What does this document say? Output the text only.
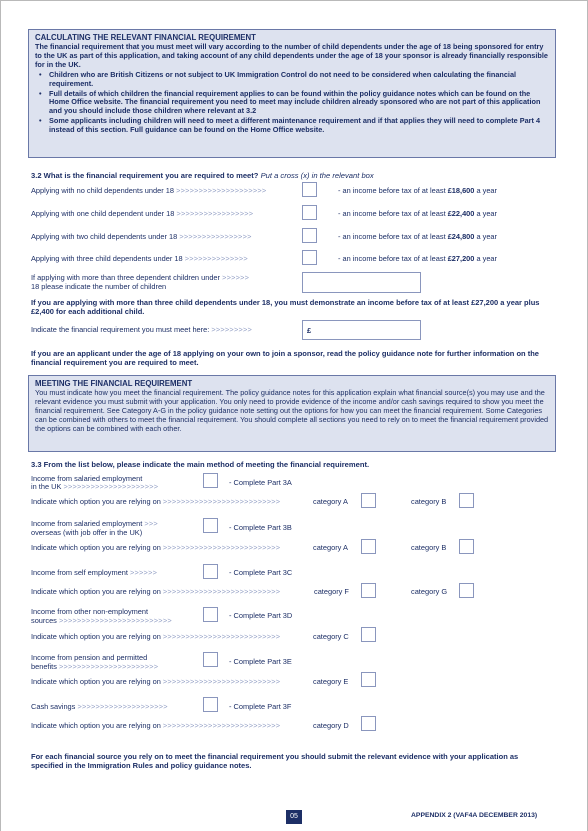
CALCULATING THE RELEVANT FINANCIAL REQUIREMENT
The financial requirement that you must meet will vary according to the number of child dependents under the age of 18 being sponsored for entry to the UK as part of this application, and taking account of any child dependents under the age of 18 your sponsor is already financially responsible for in the UK.
• Children who are British Citizens or not subject to UK Immigration Control do not need to be considered when calculating the financial requirement.
• Full details of which children the financial requirement applies to can be found within the policy guidance notes which can be found on the Home Office website. The financial requirement you need to meet may include children already sponsored who are not part of this application and you should include those children where relevant at 3.2
• Some applicants including children will need to meet a different maintenance requirement and if that applies they will need to complete Part 4 instead of this section. Full guidance can be found on the Home Office website.
3.2 What is the financial requirement you are required to meet? Put a cross (x) in the relevant box
Applying with no child dependents under 18 >>>>>>>>>>>>>>>>>>>>	- an income before tax of at least £18,600 a year
Applying with one child dependent under 18 >>>>>>>>>>>>>>>>>	- an income before tax of at least £22,400 a year
Applying with two child dependents under 18 >>>>>>>>>>>>>>>>	- an income before tax of at least £24,800 a year
Applying with three child dependents under 18 >>>>>>>>>>>>>>	- an income before tax of at least £27,200 a year
If applying with more than three dependent children under >>>>>>
18 please indicate the number of children
If you are applying with more than three child dependents under 18, you must demonstrate an income before tax of at least £27,200 a year plus £2,400 for each additional child.
Indicate the financial requirement you must meet here: >>>>>>>>>	£
If you are an applicant under the age of 18 applying on your own to join a sponsor, read the policy guidance note for further information on the financial requirement you are required to meet.
MEETING THE FINANCIAL REQUIREMENT
You must indicate how you meet the financial requirement. The policy guidance notes for this application explain what financial source(s) you may use and the relevant evidence you must submit with your application. You only need to provide evidence of the income and/or cash savings required to show you meet the financial requirement. See Category A-G in the policy guidance note setting out the options for how you can meet the financial requirement. Some Categories can be combined with others to meet the financial requirement. You should complete all sections you need to rely on to meet the financial requirement provided the options can be combined with each other.
3.3 From the list below, please indicate the main method of meeting the financial requirement.
Income from salaried employment
in the UK >>>>>>>>>>>>>>>>>>>>>	- Complete Part 3A
Indicate which option you are relying on >>>>>>>>>>>>>>>>>>>>>>>>>>	category A	category B
Income from salaried employment >>>
overseas (with job offer in the UK)
- Complete Part 3B
Indicate which option you are relying on >>>>>>>>>>>>>>>>>>>>>>>>>>	category A	category B
Income from self employment >>>>>>	- Complete Part 3C
Indicate which option you are relying on >>>>>>>>>>>>>>>>>>>>>>>>>>	category F	category G
Income from other non-employment
sources >>>>>>>>>>>>>>>>>>>>>>>>>
- Complete Part 3D
Indicate which option you are relying on >>>>>>>>>>>>>>>>>>>>>>>>>>	category C
Income from pension and permitted
benefits >>>>>>>>>>>>>>>>>>>>>>
- Complete Part 3E
Indicate which option you are relying on >>>>>>>>>>>>>>>>>>>>>>>>>>	category E
Cash savings >>>>>>>>>>>>>>>>>>>>	- Complete Part 3F
Indicate which option you are relying on >>>>>>>>>>>>>>>>>>>>>>>>>>	category D
For each financial source you rely on to meet the financial requirement you should submit the relevant evidence with your application as specified in the Immigration Rules and policy guidance notes.
05	APPENDIX 2 (VAF4A DECEMBER 2013)
